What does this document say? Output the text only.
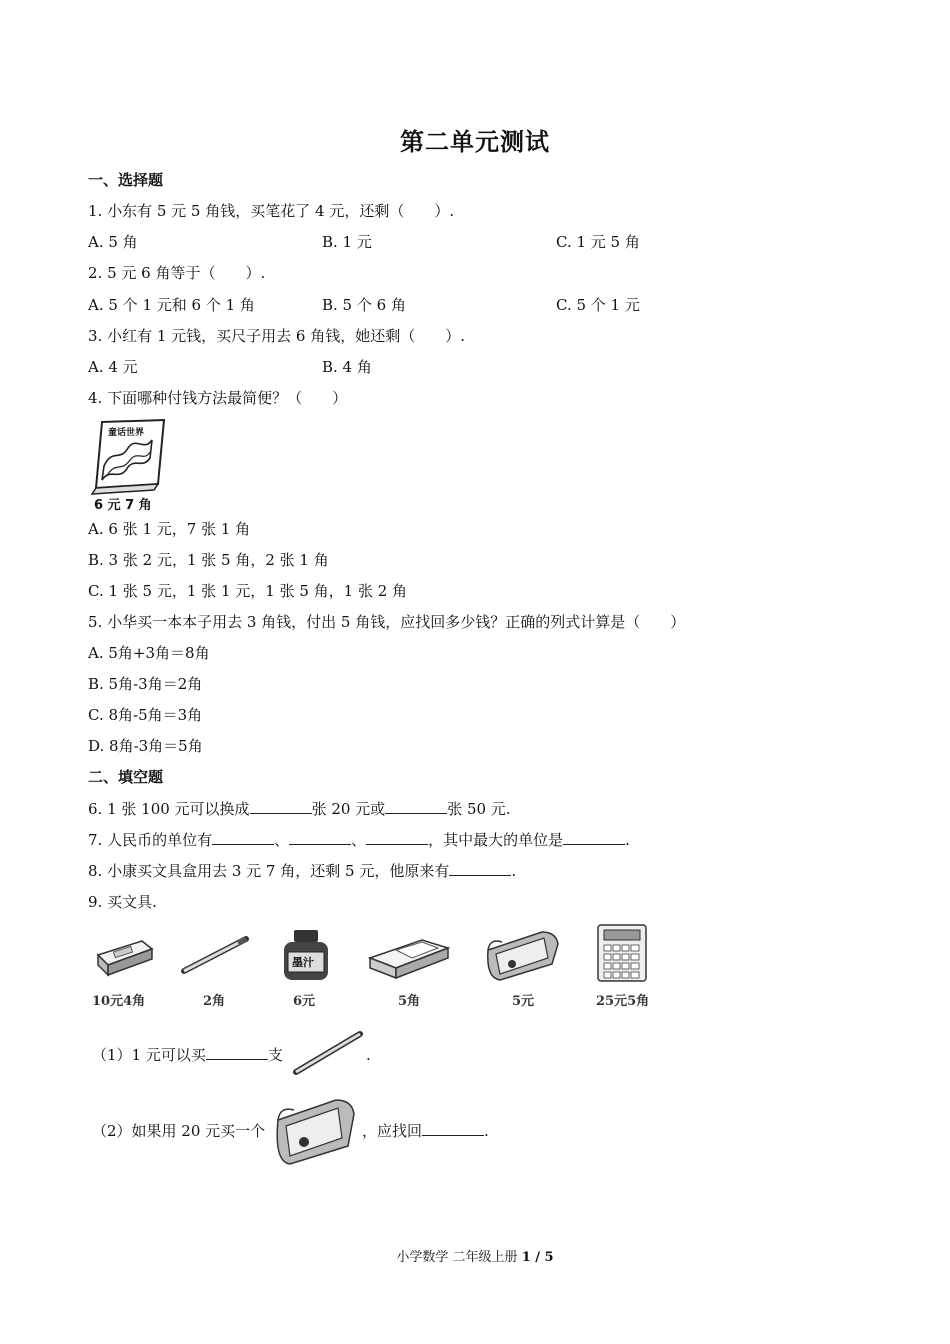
第二单元测试
一、选择题
1. 小东有 5 元 5 角钱，买笔花了 4 元，还剩（　　）.
A. 5 角	B. 1 元	C. 1 元 5 角
2. 5 元 6 角等于（　　）.
A. 5 个 1 元和 6 个 1 角	B. 5 个 6 角	C. 5 个 1 元
3. 小红有 1 元钱，买尺子用去 6 角钱，她还剩（　　）.
A. 4 元	B. 4 角
4. 下面哪种付钱方法最简便？（　　）
童话世界
6 元 7 角
A. 6 张 1 元，7 张 1 角
B. 3 张 2 元，1 张 5 角，2 张 1 角
C. 1 张 5 元，1 张 1 元，1 张 5 角，1 张 2 角
5. 小华买一本本子用去 3 角钱，付出 5 角钱，应找回多少钱？正确的列式计算是（　　）
A. 5角+3角＝8角
B. 5角-3角＝2角
C. 8角-5角＝3角
D. 8角-3角＝5角
二、填空题
6. 1 张 100 元可以换成	张 20 元或	张 50 元.
7. 人民币的单位有	、	、	，其中最大的单位是	.
8. 小康买文具盒用去 3 元 7 角，还剩 5 元，他原来有	.
9. 买文具.
10元4角	2角
墨汁
6元	5角	5元	25元5角
（1）1 元可以买	支	.
（2）如果用 20 元买一个	，应找回	.
小学数学 二年级上册 1 / 5
